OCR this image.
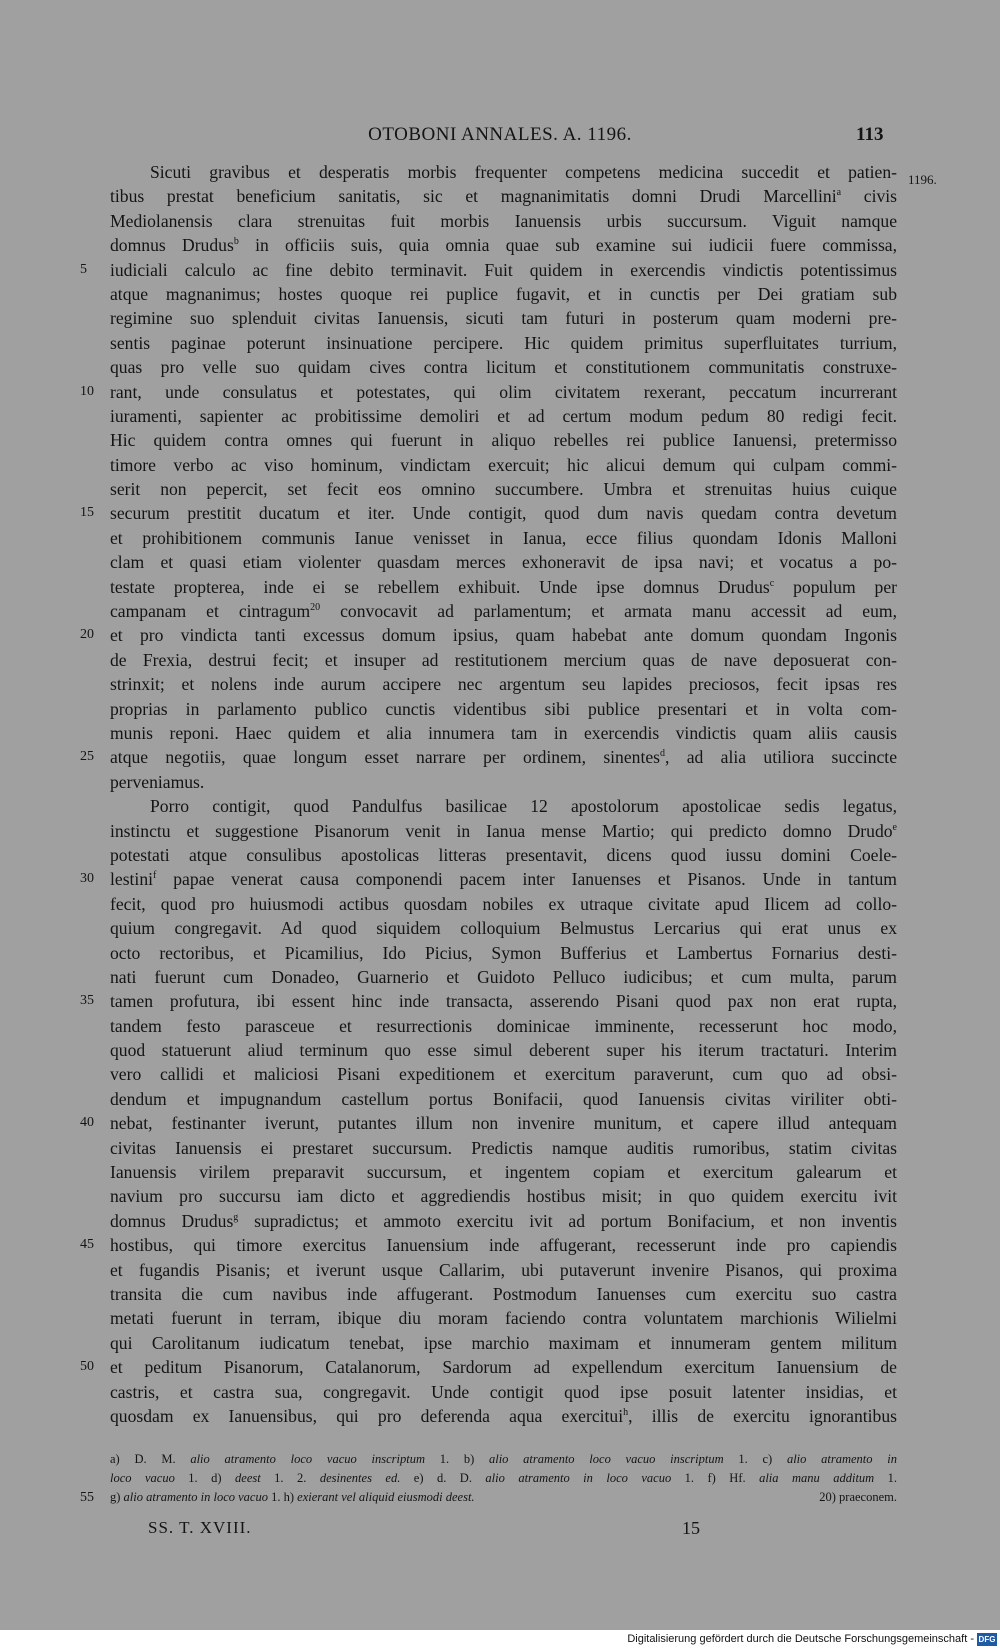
OTOBONI ANNALES. A. 1196.	113
1196.
Sicuti gravibus et desperatis morbis frequenter competens medicina succedit et patien-
tibus prestat beneficium sanitatis, sic et magnanimitatis domni Drudi Marcellini$^a$ civis
Mediolanensis clara strenuitas fuit morbis Ianuensis urbis succursum. Viguit namque
domnus Drudus$^b$ in officiis suis, quia omnia quae sub examine sui iudicii fuere commissa,
5	iudiciali calculo ac fine debito terminavit. Fuit quidem in exercendis vindictis potentissimus
atque magnanimus; hostes quoque rei puplice fugavit, et in cunctis per Dei gratiam sub
regimine suo splenduit civitas Ianuensis, sicuti tam futuri in posterum quam moderni pre-
sentis paginae poterunt insinuatione percipere. Hic quidem primitus superfluitates turrium,
quas pro velle suo quidam cives contra licitum et constitutionem communitatis construxe-
10 rant, unde consulatus et potestates, qui olim civitatem rexerant, peccatum incurrerant
iuramenti, sapienter ac probitissime demoliri et ad certum modum pedum 80 redigi fecit.
Hic quidem contra omnes qui fuerunt in aliquo rebelles rei publice Ianuensi, pretermisso
timore verbo ac viso hominum, vindictam exercuit; hic alicui demum qui culpam commi-
serit non pepercit, set fecit eos omnino succumbere. Umbra et strenuitas huius cuique
15 securum prestitit ducatum et iter. Unde contigit, quod dum navis quedam contra devetum
et prohibitionem communis Ianue venisset in Ianua, ecce filius quondam Idonis Malloni
clam et quasi etiam violenter quasdam merces exhoneravit de ipsa navi; et vocatus a po-
testate propterea, inde ei se rebellem exhibuit. Unde ipse domnus Drudus$^c$ populum per
campanam et cintragum$^{20}$ convocavit ad parlamentum; et armata manu accessit ad eum,
20 et pro vindicta tanti excessus domum ipsius, quam habebat ante domum quondam Ingonis
de Frexia, destrui fecit; et insuper ad restitutionem mercium quas de nave deposuerat con-
strinxit; et nolens inde aurum accipere nec argentum seu lapides preciosos, fecit ipsas res
proprias in parlamento publico cunctis videntibus sibi publice presentari et in volta com-
munis reponi. Haec quidem et alia innumera tam in exercendis vindictis quam aliis causis
25 atque negotiis, quae longum esset narrare per ordinem, sinentes$^d$, ad alia utiliora succincte
perveniamus.
Porro contigit, quod Pandulfus basilicae 12 apostolorum apostolicae sedis legatus,
instinctu et suggestione Pisanorum venit in Ianua mense Martio; qui predicto domno Drudo$^e$
potestati atque consulibus apostolicas litteras presentavit, dicens quod iussu domini Coele-
30 lestini$^f$ papae venerat causa componendi pacem inter Ianuenses et Pisanos. Unde in tantum
fecit, quod pro huiusmodi actibus quosdam nobiles ex utraque civitate apud Ilicem ad collo-
quium congregavit. Ad quod siquidem colloquium Belmustus Lercarius qui erat unus ex
octo rectoribus, et Picamilius, Ido Picius, Symon Bufferius et Lambertus Fornarius desti-
nati fuerunt cum Donadeo, Guarnerio et Guidoto Pelluco iudicibus; et cum multa, parum
35 tamen profutura, ibi essent hinc inde transacta, asserendo Pisani quod pax non erat rupta,
tandem festo parasceue et resurrectionis dominicae imminente, recesserunt hoc modo,
quod statuerunt aliud terminum quo esse simul deberent super his iterum tractaturi. Interim
vero callidi et maliciosi Pisani expeditionem et exercitum paraverunt, cum quo ad obsi-
dendum et impugnandum castellum portus Bonifacii, quod Ianuensis civitas viriliter obti-
40 nebat, festinanter iverunt, putantes illum non invenire munitum, et capere illud antequam
civitas Ianuensis ei prestaret succursum. Predictis namque auditis rumoribus, statim civitas
Ianuensis virilem preparavit succursum, et ingentem copiam et exercitum galearum et
navium pro succursu iam dicto et aggrediendis hostibus misit; in quo quidem exercitu ivit
domnus Drudus$^g$ supradictus; et ammoto exercitu ivit ad portum Bonifacium, et non inventis
45 hostibus, qui timore exercitus Ianuensium inde affugerant, recesserunt inde pro capiendis
et fugandis Pisanis; et iverunt usque Callarim, ubi putaverunt invenire Pisanos, qui proxima
transita die cum navibus inde affugerant. Postmodum Ianuenses cum exercitu suo castra
metati fuerunt in terram, ibique diu moram faciendo contra voluntatem marchionis Wilielmi
qui Carolitanum iudicatum tenebat, ipse marchio maximam et innumeram gentem militum
50 et peditum Pisanorum, Catalanorum, Sardorum ad expellendum exercitum Ianuensium de
castris, et castra sua, congregavit. Unde contigit quod ipse posuit latenter insidias, et
quosdam ex Ianuensibus, qui pro deferenda aqua exercitui$^h$, illis de exercitu ignorantibus
a) D. M. alio atramento loco vacuo inscriptum 1. b) alio atramento loco vacuo inscriptum 1. c) alio atramento in
loco vacuo 1. d) deest 1. 2. desinentes ed. e) d. D. alio atramento in loco vacuo 1. f) Hf. alia manu additum 1.
55	g) alio atramento in loco vacuo 1. h) exierant vel aliquid eiusmodi deest.	20) praeconem.
SS. T. XVIII.	15
Digitalisierung gefördert durch die Deutsche Forschungsgemeinschaft - DFG
